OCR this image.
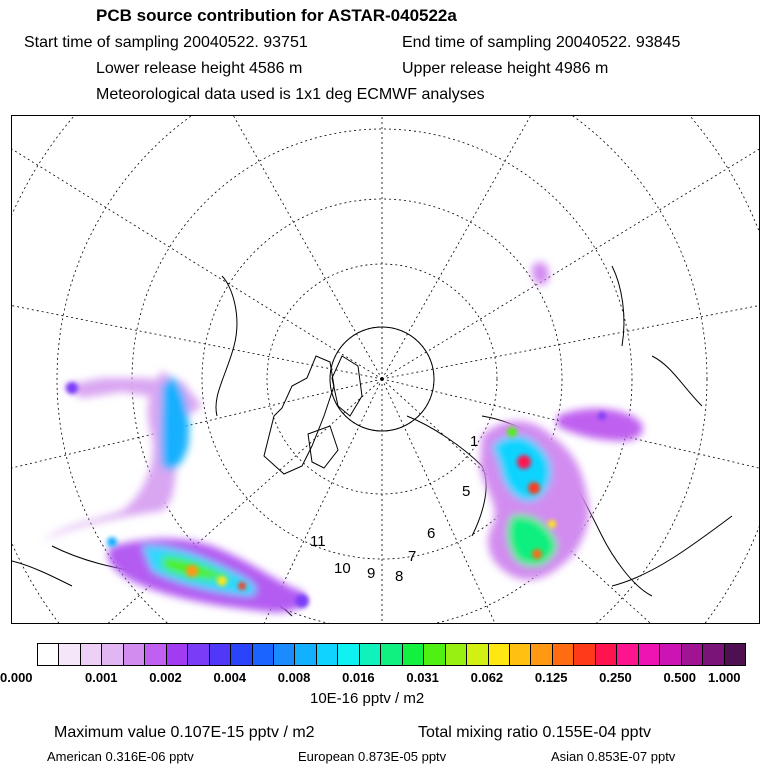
PCB source contribution for ASTAR-040522a
Start time of sampling 20040522. 93751	End time of sampling 20040522. 93845
Lower release height 4586 m	Upper release height 4986 m
Meteorological data used is 1x1 deg ECMWF analyses
1
5
6
7
8
9
10
11
10E-16 pptv / m2
Maximum value 0.107E-15 pptv / m2	Total mixing ratio 0.155E-04 pptv
American 0.316E-06 pptv	European 0.873E-05 pptv	Asian 0.853E-07 pptv
0.000	0.001 0.002 0.004 0.008 0.016 0.031 0.062 0.125 0.250 0.500 1.000
